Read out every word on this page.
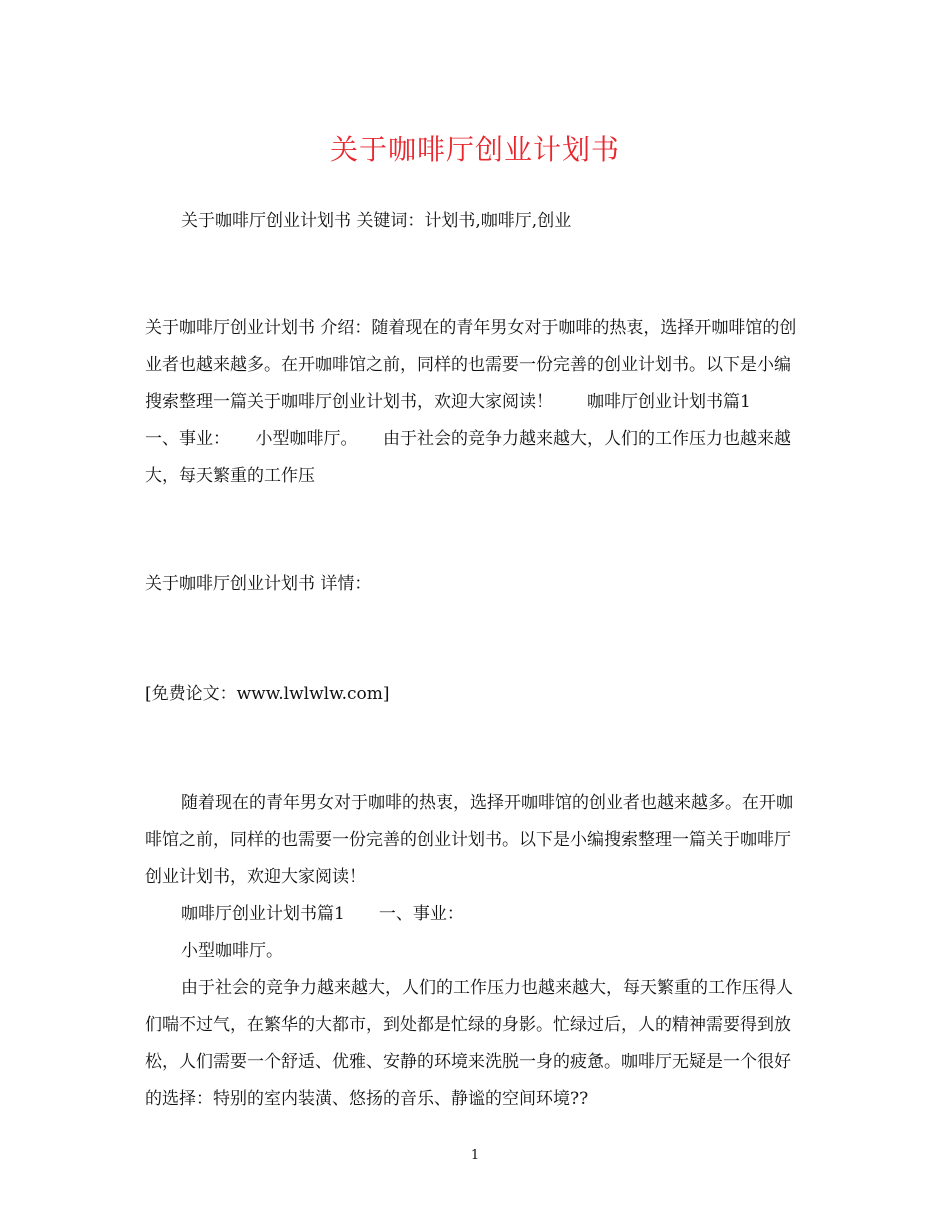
关于咖啡厅创业计划书
关于咖啡厅创业计划书 关键词：计划书,咖啡厅,创业
关于咖啡厅创业计划书 介绍：随着现在的青年男女对于咖啡的热衷，选择开咖啡馆的创业者也越来越多。在开咖啡馆之前，同样的也需要一份完善的创业计划书。以下是小编搜索整理一篇关于咖啡厅创业计划书，欢迎大家阅读！　　咖啡厅创业计划书篇1　　一、事业：　　小型咖啡厅。　　由于社会的竞争力越来越大，人们的工作压力也越来越大，每天繁重的工作压
关于咖啡厅创业计划书 详情：
[免费论文：www.lwlwlw.com]

随着现在的青年男女对于咖啡的热衷，选择开咖啡馆的创业者也越来越多。在开咖啡馆之前，同样的也需要一份完善的创业计划书。以下是小编搜索整理一篇关于咖啡厅创业计划书，欢迎大家阅读！

咖啡厅创业计划书篇1　　一、事业：

小型咖啡厅。

由于社会的竞争力越来越大，人们的工作压力也越来越大，每天繁重的工作压得人们喘不过气，在繁华的大都市，到处都是忙绿的身影。忙绿过后，人的精神需要得到放松，人们需要一个舒适、优雅、安静的环境来洗脱一身的疲惫。咖啡厅无疑是一个很好的选择：特别的室内装潢、悠扬的音乐、静谧的空间环境??

1
